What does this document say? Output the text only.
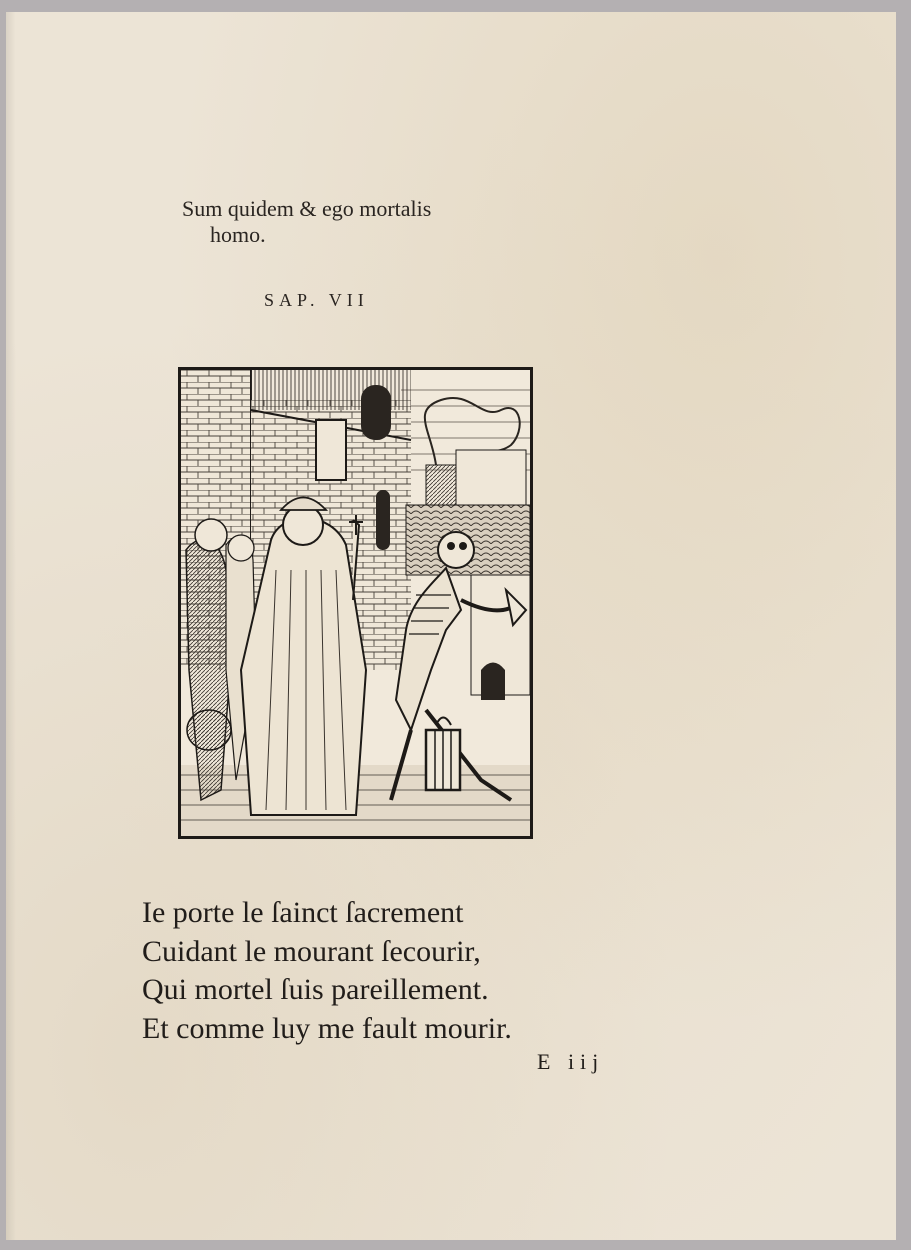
Sum quidem & ego mortalis
homo.
SAP. VII
Ie porte le ſainct ſacrement
Cuidant le mourant ſecourir,
Qui mortel ſuis pareillement.
Et comme luy me fault mourir.
E iij
